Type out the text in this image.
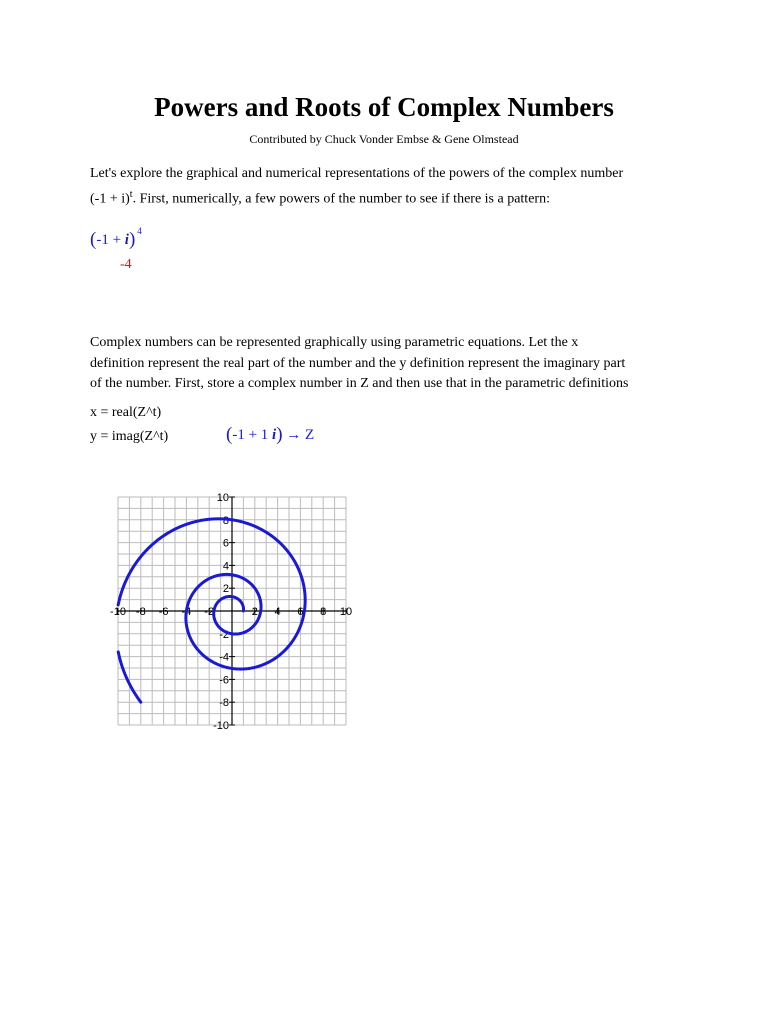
Powers and Roots of Complex Numbers
Contributed by Chuck Vonder Embse & Gene Olmstead
Let's explore the graphical and numerical representations of the powers of the complex number
$(-1 + i)^t$. First, numerically, a few powers of the number to see if there is a pattern:
(-1 + i) $^4$
-4
Complex numbers can be represented graphically using parametric equations. Let the x
definition represent the real part of the number and the y definition represent the imaginary part
of the number. First, store a complex number in Z and then use that in the parametric definitions
x = real(Z^t)
y = imag(Z^t)	(-1 + 1 i) → Z
-10 -8 -6 -4 -2	2 4 6 8 10
10
8
6
4
2
-2
-4
-6
-8
-10
